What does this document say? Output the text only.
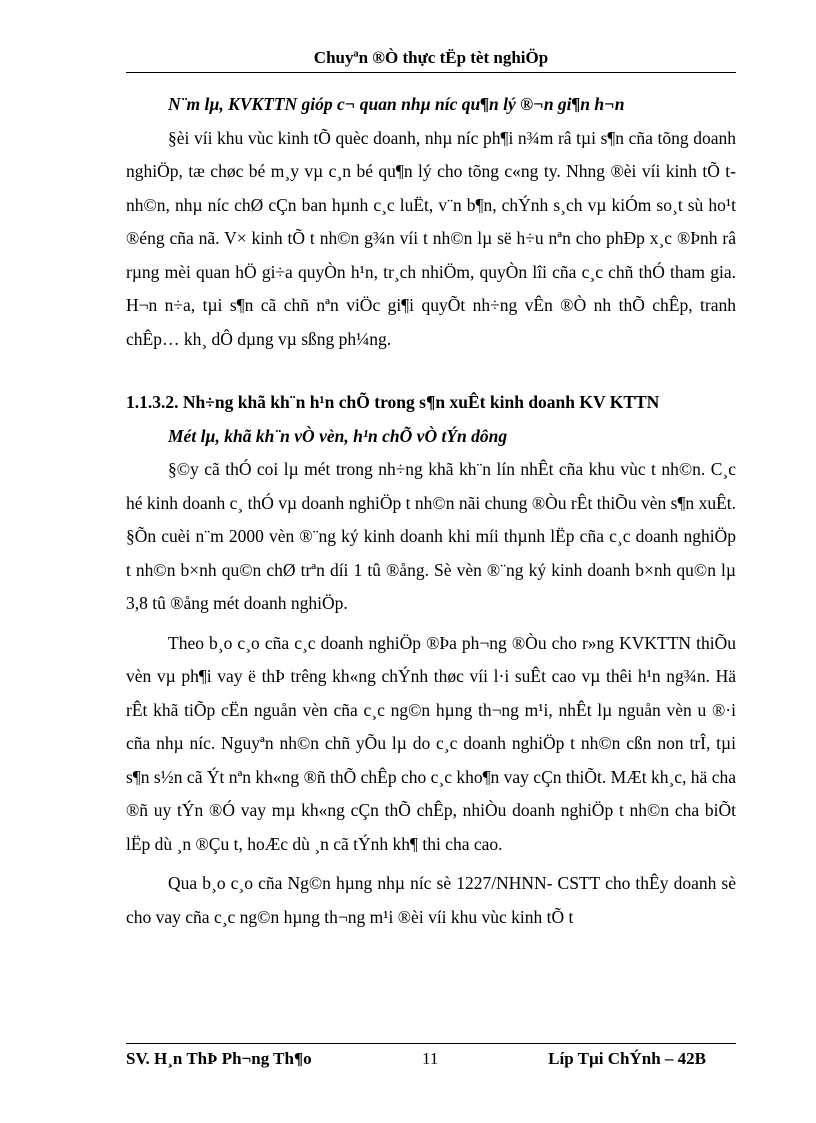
Chuyªn ®Ò thực tËp tèt nghiÖp

N¨m lµ, KVKTTN gióp c¬ quan nhµ níc qu¶n lý ®¬n gi¶n h¬n

§èi víi khu vùc kinh tÕ quèc doanh, nhµ níc ph¶i n¾m râ tµi s¶n cña tõng doanh nghiÖp, tæ chøc bé m¸y vµ c¸n bé qu¶n lý cho tõng c«ng ty. Nhng ®èi víi kinh tÕ t nh©n, nhµ níc chØ cÇn ban hµnh c¸c luËt, v¨n b¶n, chÝnh s¸ch vµ kiÓm so¸t sù ho¹t ®éng cña nã. V× kinh tÕ t nh©n g¾n víi t nh©n lµ së h÷u nªn cho phÐp x¸c ®Þnh râ rµng mèi quan hÖ gi÷a quyÒn h¹n, tr¸ch nhiÖm, quyÒn lîi cña c¸c chñ thÓ tham gia. H¬n n÷a, tµi s¶n cã chñ nªn viÖc gi¶i quyÕt nh÷ng vÊn ®Ò nh thÕ chÊp, tranh chÊp… kh¸ dÔ dµng vµ sßng ph¼ng.

1.1.3.2. Nh÷ng khã kh¨n h¹n chÕ trong s¶n xuÊt kinh doanh KV KTTN

Mét lµ, khã kh¨n vÒ vèn, h¹n chÕ vÒ tÝn dông

§©y cã thÓ coi lµ mét trong nh÷ng khã kh¨n lín nhÊt cña khu vùc t nh©n. C¸c hé kinh doanh c¸ thÓ vµ doanh nghiÖp t nh©n nãi chung ®Òu rÊt thiÕu vèn s¶n xuÊt. §Õn cuèi n¨m 2000 vèn ®¨ng ký kinh doanh khi míi thµnh lËp cña c¸c doanh nghiÖp t nh©n b×nh qu©n chØ trªn díi 1 tû ®ång. Sè vèn ®¨ng ký kinh doanh b×nh qu©n lµ 3,8 tû ®ång mét doanh nghiÖp.

Theo b¸o c¸o cña c¸c doanh nghiÖp ®Þa ph¬ng ®Òu cho r»ng KVKTTN thiÕu vèn vµ ph¶i vay ë thÞ trêng kh«ng chÝnh thøc víi l·i suÊt cao vµ thêi h¹n ng¾n. Hä rÊt khã tiÕp cËn nguån vèn cña c¸c ng©n hµng th¬ng m¹i, nhÊt lµ nguån vèn u ®·i cña nhµ níc. Nguyªn nh©n chñ yÕu lµ do c¸c doanh nghiÖp t nh©n cßn non trÎ, tµi s¶n s½n cã Ýt nªn kh«ng ®ñ thÕ chÊp cho c¸c kho¶n vay cÇn thiÕt. MÆt kh¸c, hä cha ®ñ uy tÝn ®Ó vay mµ kh«ng cÇn thÕ chÊp, nhiÒu doanh nghiÖp t nh©n cha biÕt lËp dù ¸n ®Çu t, hoÆc dù ¸n cã tÝnh kh¶ thi cha cao.

Qua b¸o c¸o cña Ng©n hµng nhµ níc sè 1227/NHNN- CSTT cho thÊy doanh sè cho vay cña c¸c ng©n hµng th¬ng m¹i ®èi víi khu vùc kinh tÕ t

SV. H¸n ThÞ Ph¬ng Th¶o	11	Líp Tµi ChÝnh – 42B
